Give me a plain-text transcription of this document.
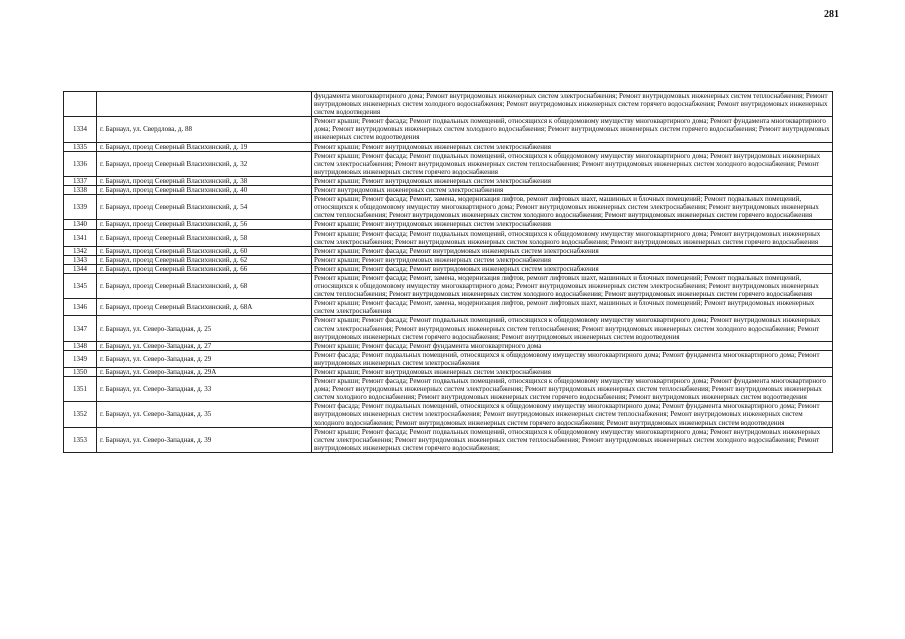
281
		фундамента многоквартирного дома; Ремонт внутридомовых инженерных систем электроснабжения; Ремонт внутридомовых инженерных систем теплоснабжения; Ремонт внутридомовых инженерных систем холодного водоснабжения; Ремонт внутридомовых инженерных систем горячего водоснабжения; Ремонт внутридомовых инженерных систем водоотведения
1334	г. Барнаул, ул. Свердлова, д. 88	Ремонт крыши; Ремонт фасада; Ремонт подвальных помещений, относящихся к общедомовому имуществу многоквартирного дома; Ремонт фундамента многоквартирного дома; Ремонт внутридомовых инженерных систем холодного водоснабжения; Ремонт внутридомовых инженерных систем горячего водоснабжения; Ремонт внутридомовых инженерных систем водоотведения
1335	г. Барнаул, проезд Северный Власихинский, д. 19	Ремонт крыши; Ремонт внутридомовых инженерных систем электроснабжения
1336	г. Барнаул, проезд Северный Власихинский, д. 32	Ремонт крыши; Ремонт фасада; Ремонт подвальных помещений, относящихся к общедомовому имуществу многоквартирного дома; Ремонт внутридомовых инженерных систем электроснабжения; Ремонт внутридомовых инженерных систем теплоснабжения; Ремонт внутридомовых инженерных систем холодного водоснабжения; Ремонт внутридомовых инженерных систем горячего водоснабжения
1337	г. Барнаул, проезд Северный Власихинский, д. 38	Ремонт крыши; Ремонт внутридомовых инженерных систем электроснабжения
1338	г. Барнаул, проезд Северный Власихинский, д. 40	Ремонт внутридомовых инженерных систем электроснабжения
1339	г. Барнаул, проезд Северный Власихинский, д. 54	Ремонт крыши; Ремонт фасада; Ремонт, замена, модернизация лифтов, ремонт лифтовых шахт, машинных и блочных помещений; Ремонт подвальных помещений, относящихся к общедомовому имуществу многоквартирного дома; Ремонт внутридомовых инженерных систем электроснабжения; Ремонт внутридомовых инженерных систем теплоснабжения; Ремонт внутридомовых инженерных систем холодного водоснабжения; Ремонт внутридомовых инженерных систем горячего водоснабжения
1340	г. Барнаул, проезд Северный Власихинский, д. 56	Ремонт крыши; Ремонт внутридомовых инженерных систем электроснабжения
1341	г. Барнаул, проезд Северный Власихинский, д. 58	Ремонт крыши; Ремонт фасада; Ремонт подвальных помещений, относящихся к общедомовому имуществу многоквартирного дома; Ремонт внутридомовых инженерных систем электроснабжения; Ремонт внутридомовых инженерных систем холодного водоснабжения; Ремонт внутридомовых инженерных систем горячего водоснабжения
1342	г. Барнаул, проезд Северный Власихинский, д. 60	Ремонт крыши; Ремонт фасада; Ремонт внутридомовых инженерных систем электроснабжения
1343	г. Барнаул, проезд Северный Власихинский, д. 62	Ремонт крыши; Ремонт внутридомовых инженерных систем электроснабжения
1344	г. Барнаул, проезд Северный Власихинский, д. 66	Ремонт крыши; Ремонт фасада; Ремонт внутридомовых инженерных систем электроснабжения
1345	г. Барнаул, проезд Северный Власихинский, д. 68	Ремонт крыши; Ремонт фасада; Ремонт, замена, модернизация лифтов, ремонт лифтовых шахт, машинных и блочных помещений; Ремонт подвальных помещений, относящихся к общедомовому имуществу многоквартирного дома; Ремонт внутридомовых инженерных систем электроснабжения; Ремонт внутридомовых инженерных систем теплоснабжения; Ремонт внутридомовых инженерных систем холодного водоснабжения; Ремонт внутридомовых инженерных систем горячего водоснабжения
1346	г. Барнаул, проезд Северный Власихинский, д. 68А	Ремонт крыши; Ремонт фасада; Ремонт, замена, модернизация лифтов, ремонт лифтовых шахт, машинных и блочных помещений; Ремонт внутридомовых инженерных систем электроснабжения
1347	г. Барнаул, ул. Северо-Западная, д. 25	Ремонт крыши; Ремонт фасада; Ремонт подвальных помещений, относящихся к общедомовому имуществу многоквартирного дома; Ремонт внутридомовых инженерных систем электроснабжения; Ремонт внутридомовых инженерных систем теплоснабжения; Ремонт внутридомовых инженерных систем холодного водоснабжения; Ремонт внутридомовых инженерных систем горячего водоснабжения; Ремонт внутридомовых инженерных систем водоотведения
1348	г. Барнаул, ул. Северо-Западная, д. 27	Ремонт крыши; Ремонт фасада; Ремонт фундамента многоквартирного дома
1349	г. Барнаул, ул. Северо-Западная, д. 29	Ремонт фасада; Ремонт подвальных помещений, относящихся к общедомовому имуществу многоквартирного дома; Ремонт фундамента многоквартирного дома; Ремонт внутридомовых инженерных систем электроснабжения
1350	г. Барнаул, ул. Северо-Западная, д. 29А	Ремонт крыши; Ремонт внутридомовых инженерных систем электроснабжения
1351	г. Барнаул, ул. Северо-Западная, д. 33	Ремонт крыши; Ремонт фасада; Ремонт подвальных помещений, относящихся к общедомовому имуществу многоквартирного дома; Ремонт фундамента многоквартирного дома; Ремонт внутридомовых инженерных систем электроснабжения; Ремонт внутридомовых инженерных систем теплоснабжения; Ремонт внутридомовых инженерных систем холодного водоснабжения; Ремонт внутридомовых инженерных систем горячего водоснабжения; Ремонт внутридомовых инженерных систем водоотведения
1352	г. Барнаул, ул. Северо-Западная, д. 35	Ремонт фасада; Ремонт подвальных помещений, относящихся к общедомовому имуществу многоквартирного дома; Ремонт фундамента многоквартирного дома; Ремонт внутридомовых инженерных систем электроснабжения; Ремонт внутридомовых инженерных систем теплоснабжения; Ремонт внутридомовых инженерных систем холодного водоснабжения; Ремонт внутридомовых инженерных систем горячего водоснабжения; Ремонт внутридомовых инженерных систем водоотведения
1353	г. Барнаул, ул. Северо-Западная, д. 39	Ремонт крыши; Ремонт фасада; Ремонт подвальных помещений, относящихся к общедомовому имуществу многоквартирного дома; Ремонт внутридомовых инженерных систем электроснабжения; Ремонт внутридомовых инженерных систем теплоснабжения; Ремонт внутридомовых инженерных систем холодного водоснабжения; Ремонт внутридомовых инженерных систем горячего водоснабжения;
